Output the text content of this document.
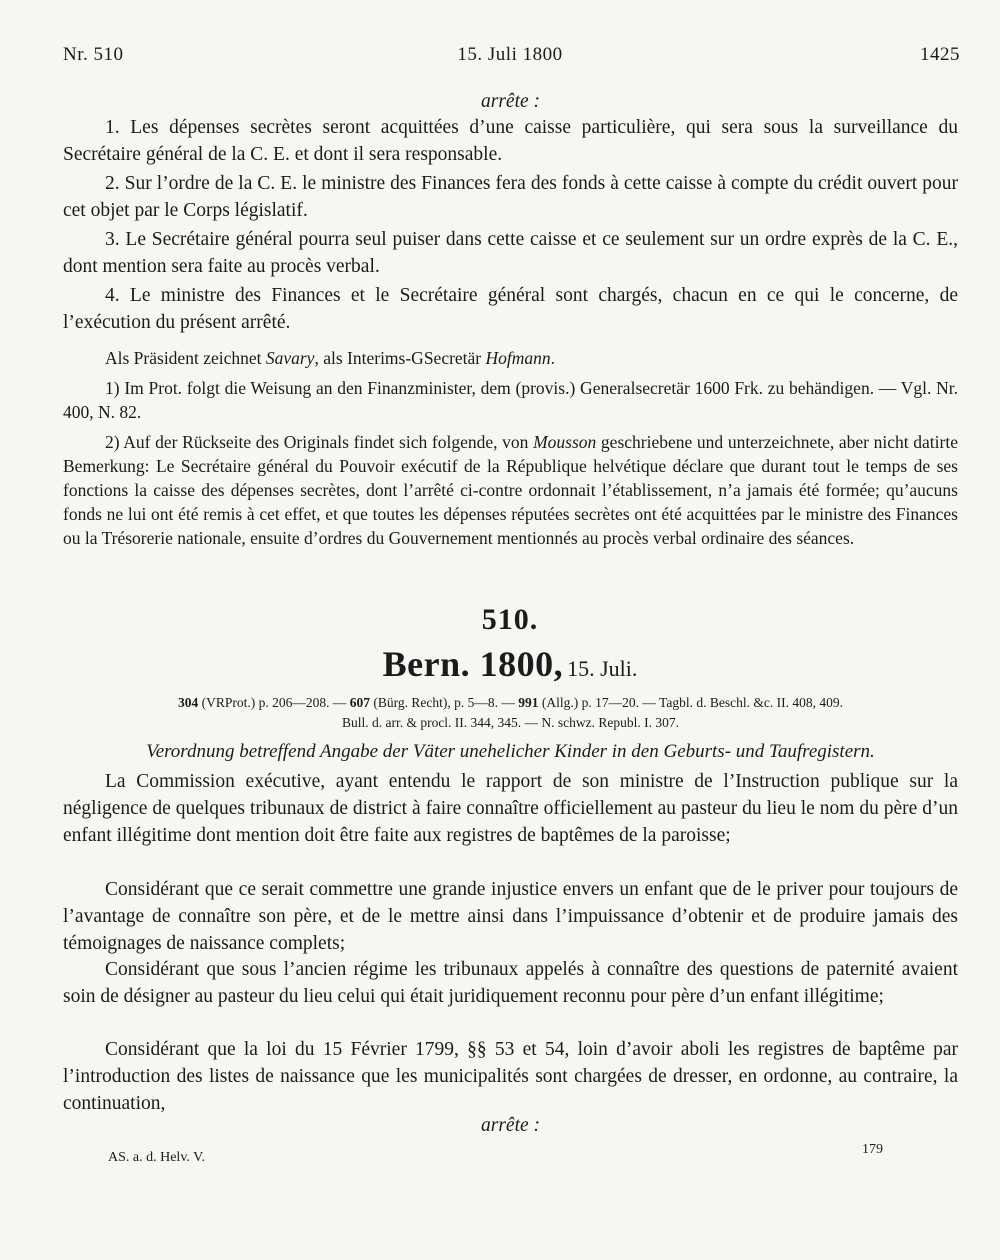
Nr. 510	15. Juli 1800	1425
arrête :
1. Les dépenses secrètes seront acquittées d’une caisse particulière, qui sera sous la surveillance du Secrétaire général de la C. E. et dont il sera responsable.
2. Sur l’ordre de la C. E. le ministre des Finances fera des fonds à cette caisse à compte du crédit ouvert pour cet objet par le Corps législatif.
3. Le Secrétaire général pourra seul puiser dans cette caisse et ce seulement sur un ordre exprès de la C. E., dont mention sera faite au procès verbal.
4. Le ministre des Finances et le Secrétaire général sont chargés, chacun en ce qui le concerne, de l’exécution du présent arrêté.
Als Präsident zeichnet Savary, als Interims-GSecretär Hofmann.
1) Im Prot. folgt die Weisung an den Finanzminister, dem (provis.) Generalsecretär 1600 Frk. zu behändigen. — Vgl. Nr. 400, N. 82.
2) Auf der Rückseite des Originals findet sich folgende, von Mousson geschriebene und unterzeichnete, aber nicht datirte Bemerkung: Le Secrétaire général du Pouvoir exécutif de la République helvétique déclare que durant tout le temps de ses fonctions la caisse des dépenses secrètes, dont l’arrêté ci-contre ordonnait l’établissement, n’a jamais été formée; qu’aucuns fonds ne lui ont été remis à cet effet, et que toutes les dépenses réputées secrètes ont été acquittées par le ministre des Finances ou la Trésorerie nationale, ensuite d’ordres du Gouvernement mentionnés au procès verbal ordinaire des séances.
510.
Bern. 1800, 15. Juli.
304 (VRProt.) p. 206—208. — 607 (Bürg. Recht), p. 5—8. — 991 (Allg.) p. 17—20. — Tagbl. d. Beschl. &c. II. 408, 409.
Bull. d. arr. & procl. II. 344, 345. — N. schwz. Republ. I. 307.
Verordnung betreffend Angabe der Väter unehelicher Kinder in den Geburts- und Taufregistern.
La Commission exécutive, ayant entendu le rapport de son ministre de l’Instruction publique sur la négligence de quelques tribunaux de district à faire connaître officiellement au pasteur du lieu le nom du père d’un enfant illégitime dont mention doit être faite aux registres de baptêmes de la paroisse;
Considérant que ce serait commettre une grande injustice envers un enfant que de le priver pour toujours de l’avantage de connaître son père, et de le mettre ainsi dans l’impuissance d’obtenir et de produire jamais des témoignages de naissance complets;
Considérant que sous l’ancien régime les tribunaux appelés à connaître des questions de paternité avaient soin de désigner au pasteur du lieu celui qui était juridiquement reconnu pour père d’un enfant illégitime;
Considérant que la loi du 15 Février 1799, §§ 53 et 54, loin d’avoir aboli les registres de baptême par l’introduction des listes de naissance que les municipalités sont chargées de dresser, en ordonne, au contraire, la continuation,
arrête :
AS. a. d. Helv. V.
179
